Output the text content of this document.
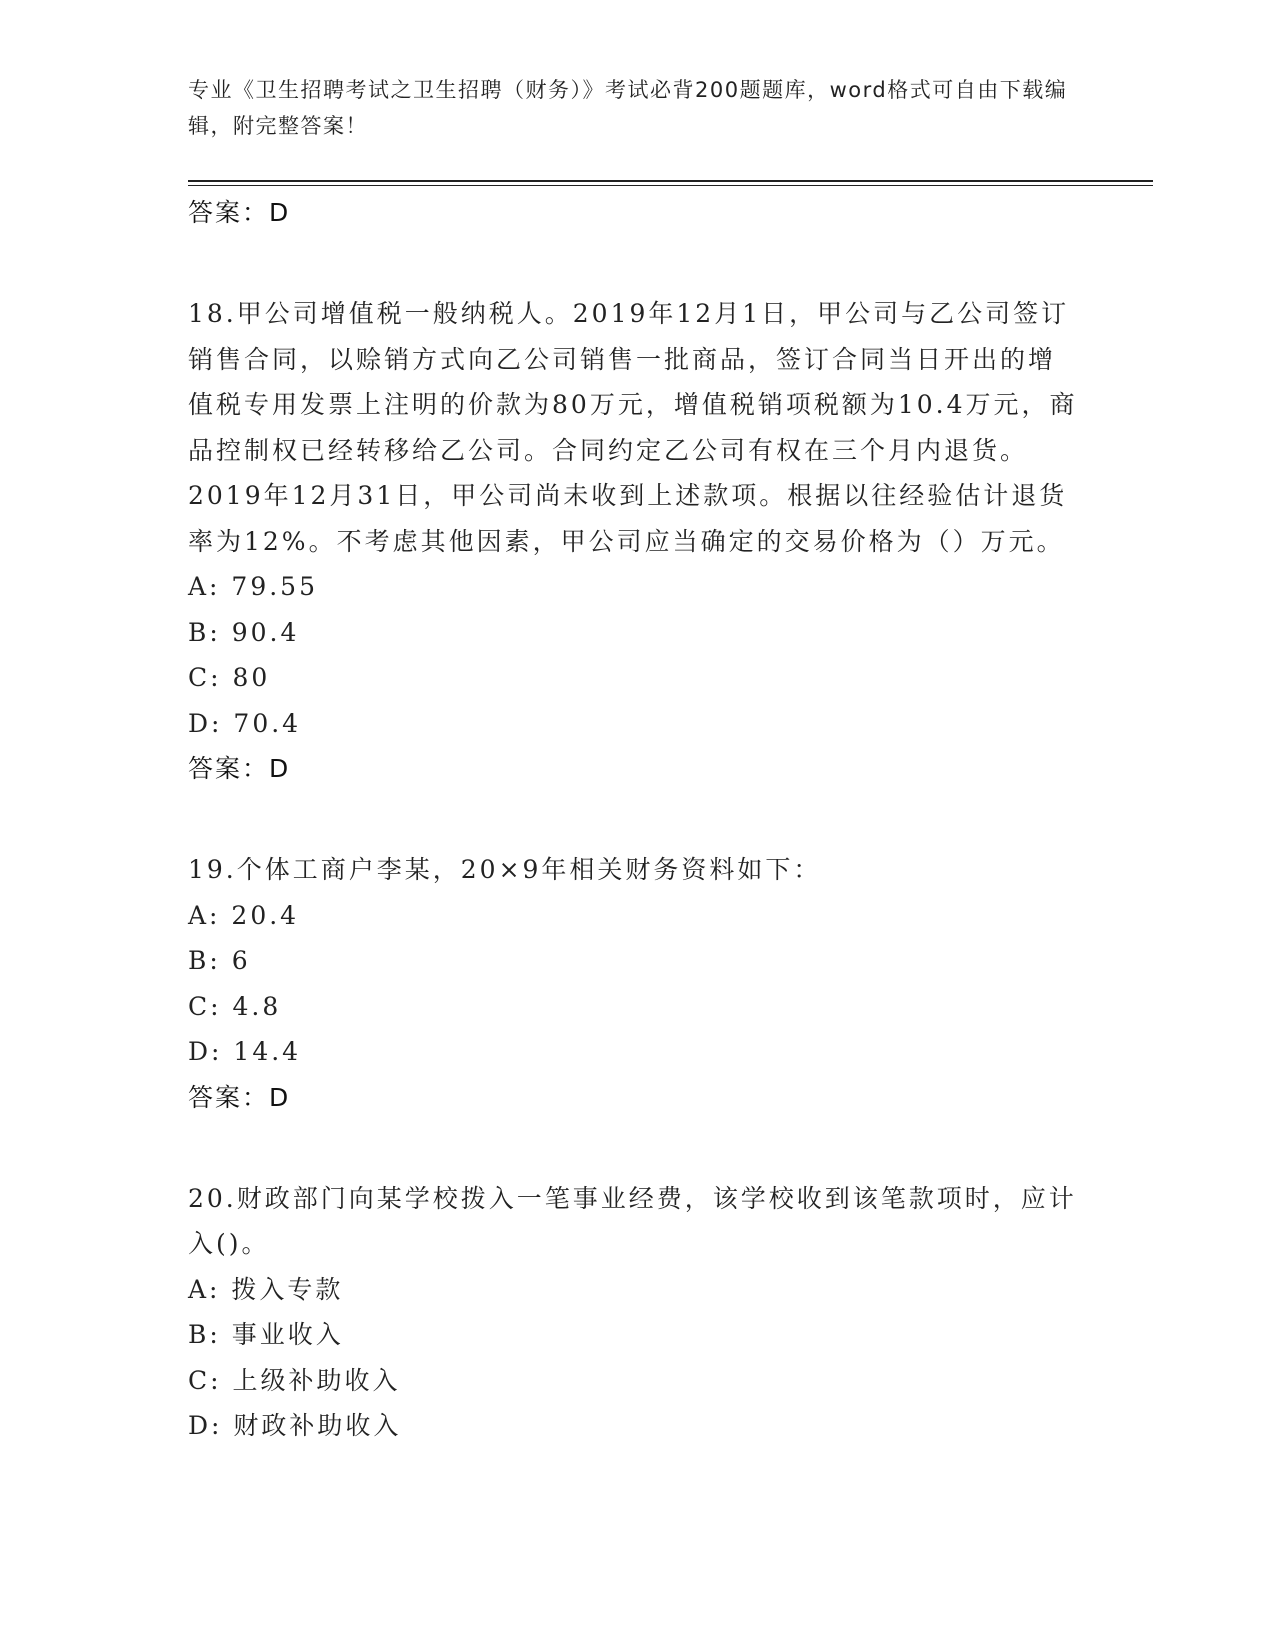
专业《卫生招聘考试之卫生招聘（财务）》考试必背200题题库，word格式可自由下载编辑，附完整答案！

答案：D

18.甲公司增值税一般纳税人。2019年12月1日，甲公司与乙公司签订销售合同，以赊销方式向乙公司销售一批商品，签订合同当日开出的增值税专用发票上注明的价款为80万元，增值税销项税额为10.4万元，商品控制权已经转移给乙公司。合同约定乙公司有权在三个月内退货。2019年12月31日，甲公司尚未收到上述款项。根据以往经验估计退货率为12%。不考虑其他因素，甲公司应当确定的交易价格为（）万元。

A: 79.55

B: 90.4

C: 80

D: 70.4

答案：D

19.个体工商户李某，20×9年相关财务资料如下：

A: 20.4

B: 6

C: 4.8

D: 14.4

答案：D

20.财政部门向某学校拨入一笔事业经费，该学校收到该笔款项时，应计入()。

A: 拨入专款

B: 事业收入

C: 上级补助收入

D: 财政补助收入
